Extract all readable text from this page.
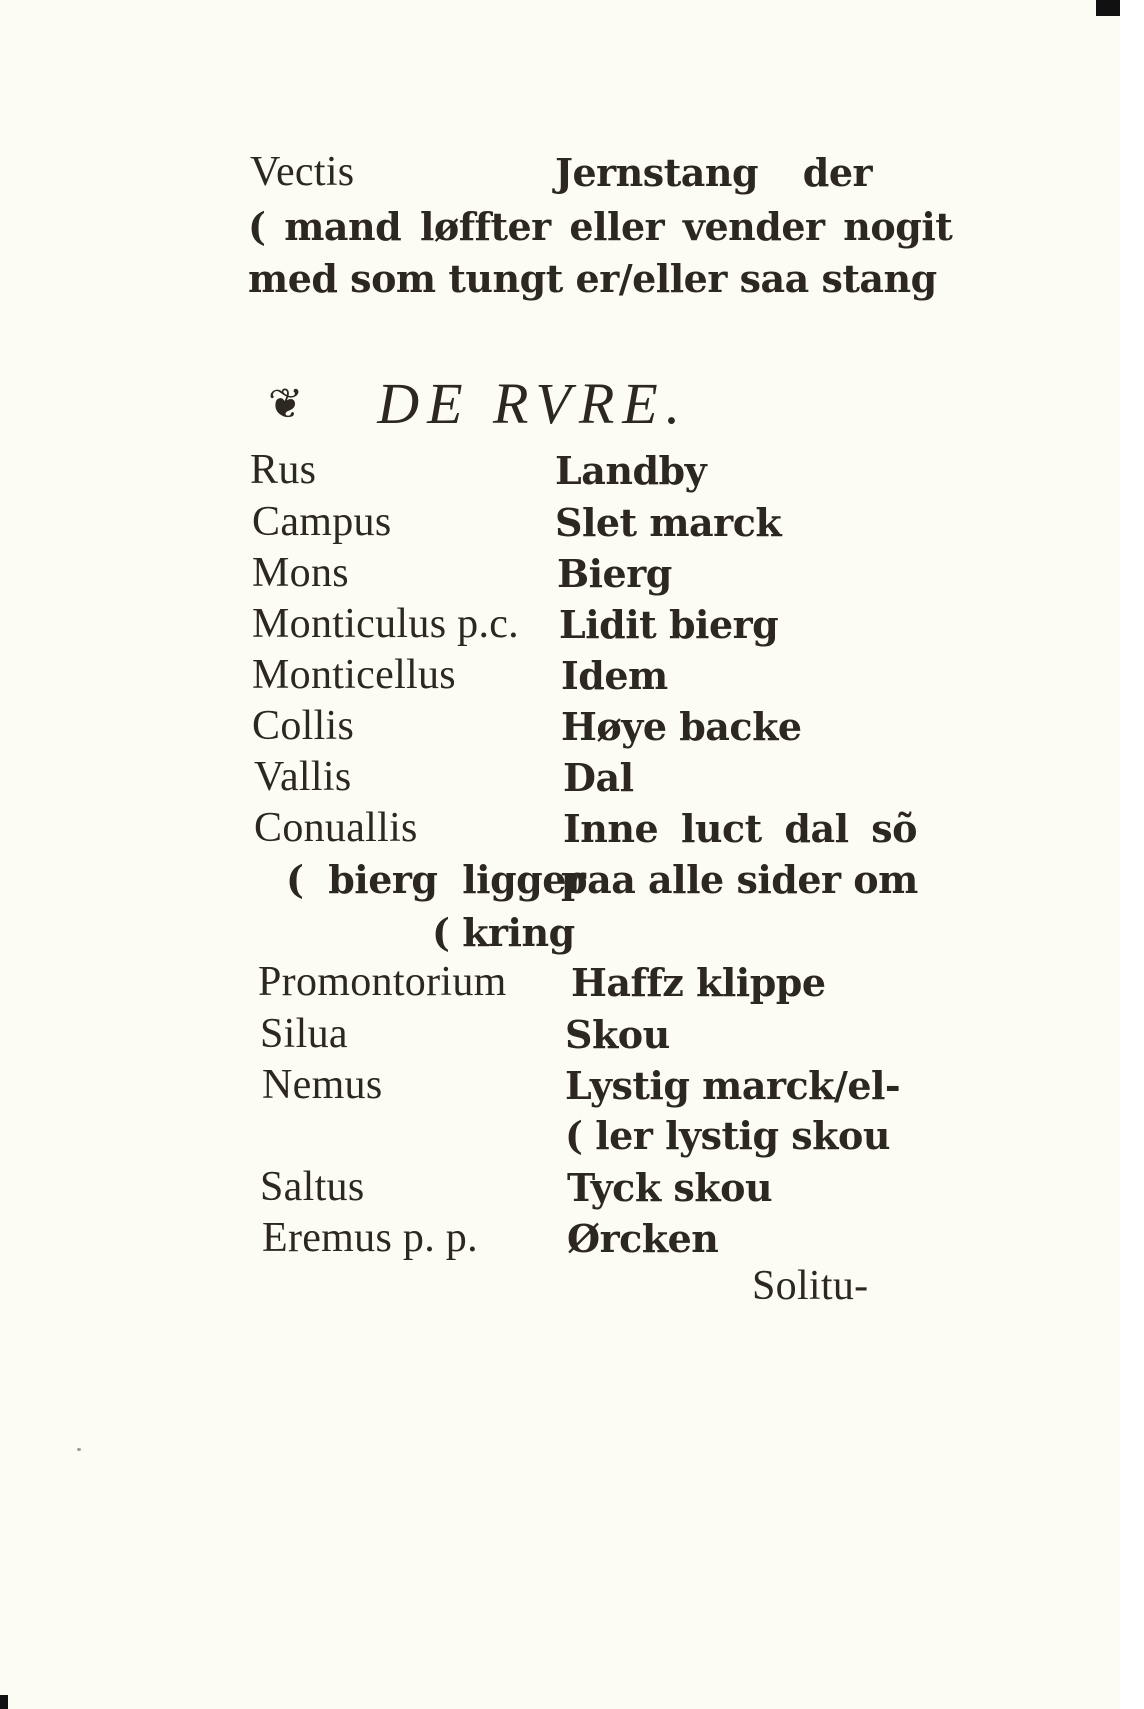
Vectis	Jernstang der
( mand løffter eller vender nogit
med som tungt er/eller saa stang
❦ DE RVRE.
Rus	Landby
Campus	Slet marck
Mons	Bierg
Monticulus p.c. Lidit bierg
Monticellus	Idem
Collis	Høye backe
Vallis	Dal
Conuallis	Inne luct dal sõ
( bierg ligger
paa alle sider om
( kring
Promontorium Haffz klippe
Silua	Skou
Nemus	Lystig marck/el-
( ler lystig skou
Saltus	Tyck skou
Eremus p. p. Ørcken
Solitu-
